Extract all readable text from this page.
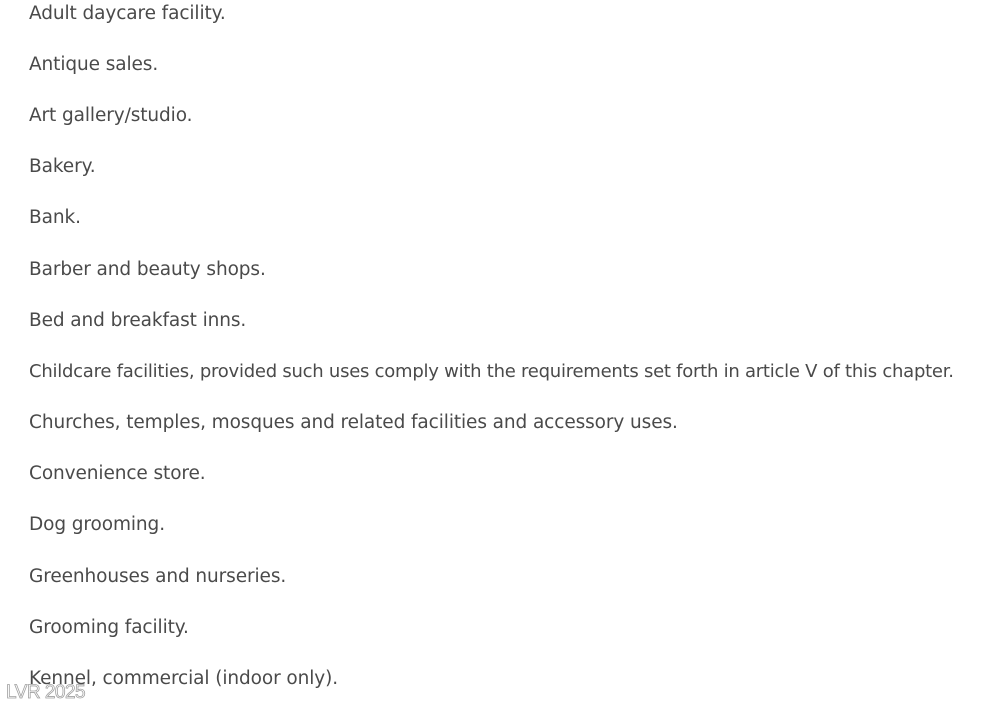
Adult daycare facility.
Antique sales.
Art gallery/studio.
Bakery.
Bank.
Barber and beauty shops.
Bed and breakfast inns.
Childcare facilities, provided such uses comply with the requirements set forth in article V of this chapter.
Churches, temples, mosques and related facilities and accessory uses.
Convenience store.
Dog grooming.
Greenhouses and nurseries.
Grooming facility.
Kennel, commercial (indoor only).
LVR 2025
